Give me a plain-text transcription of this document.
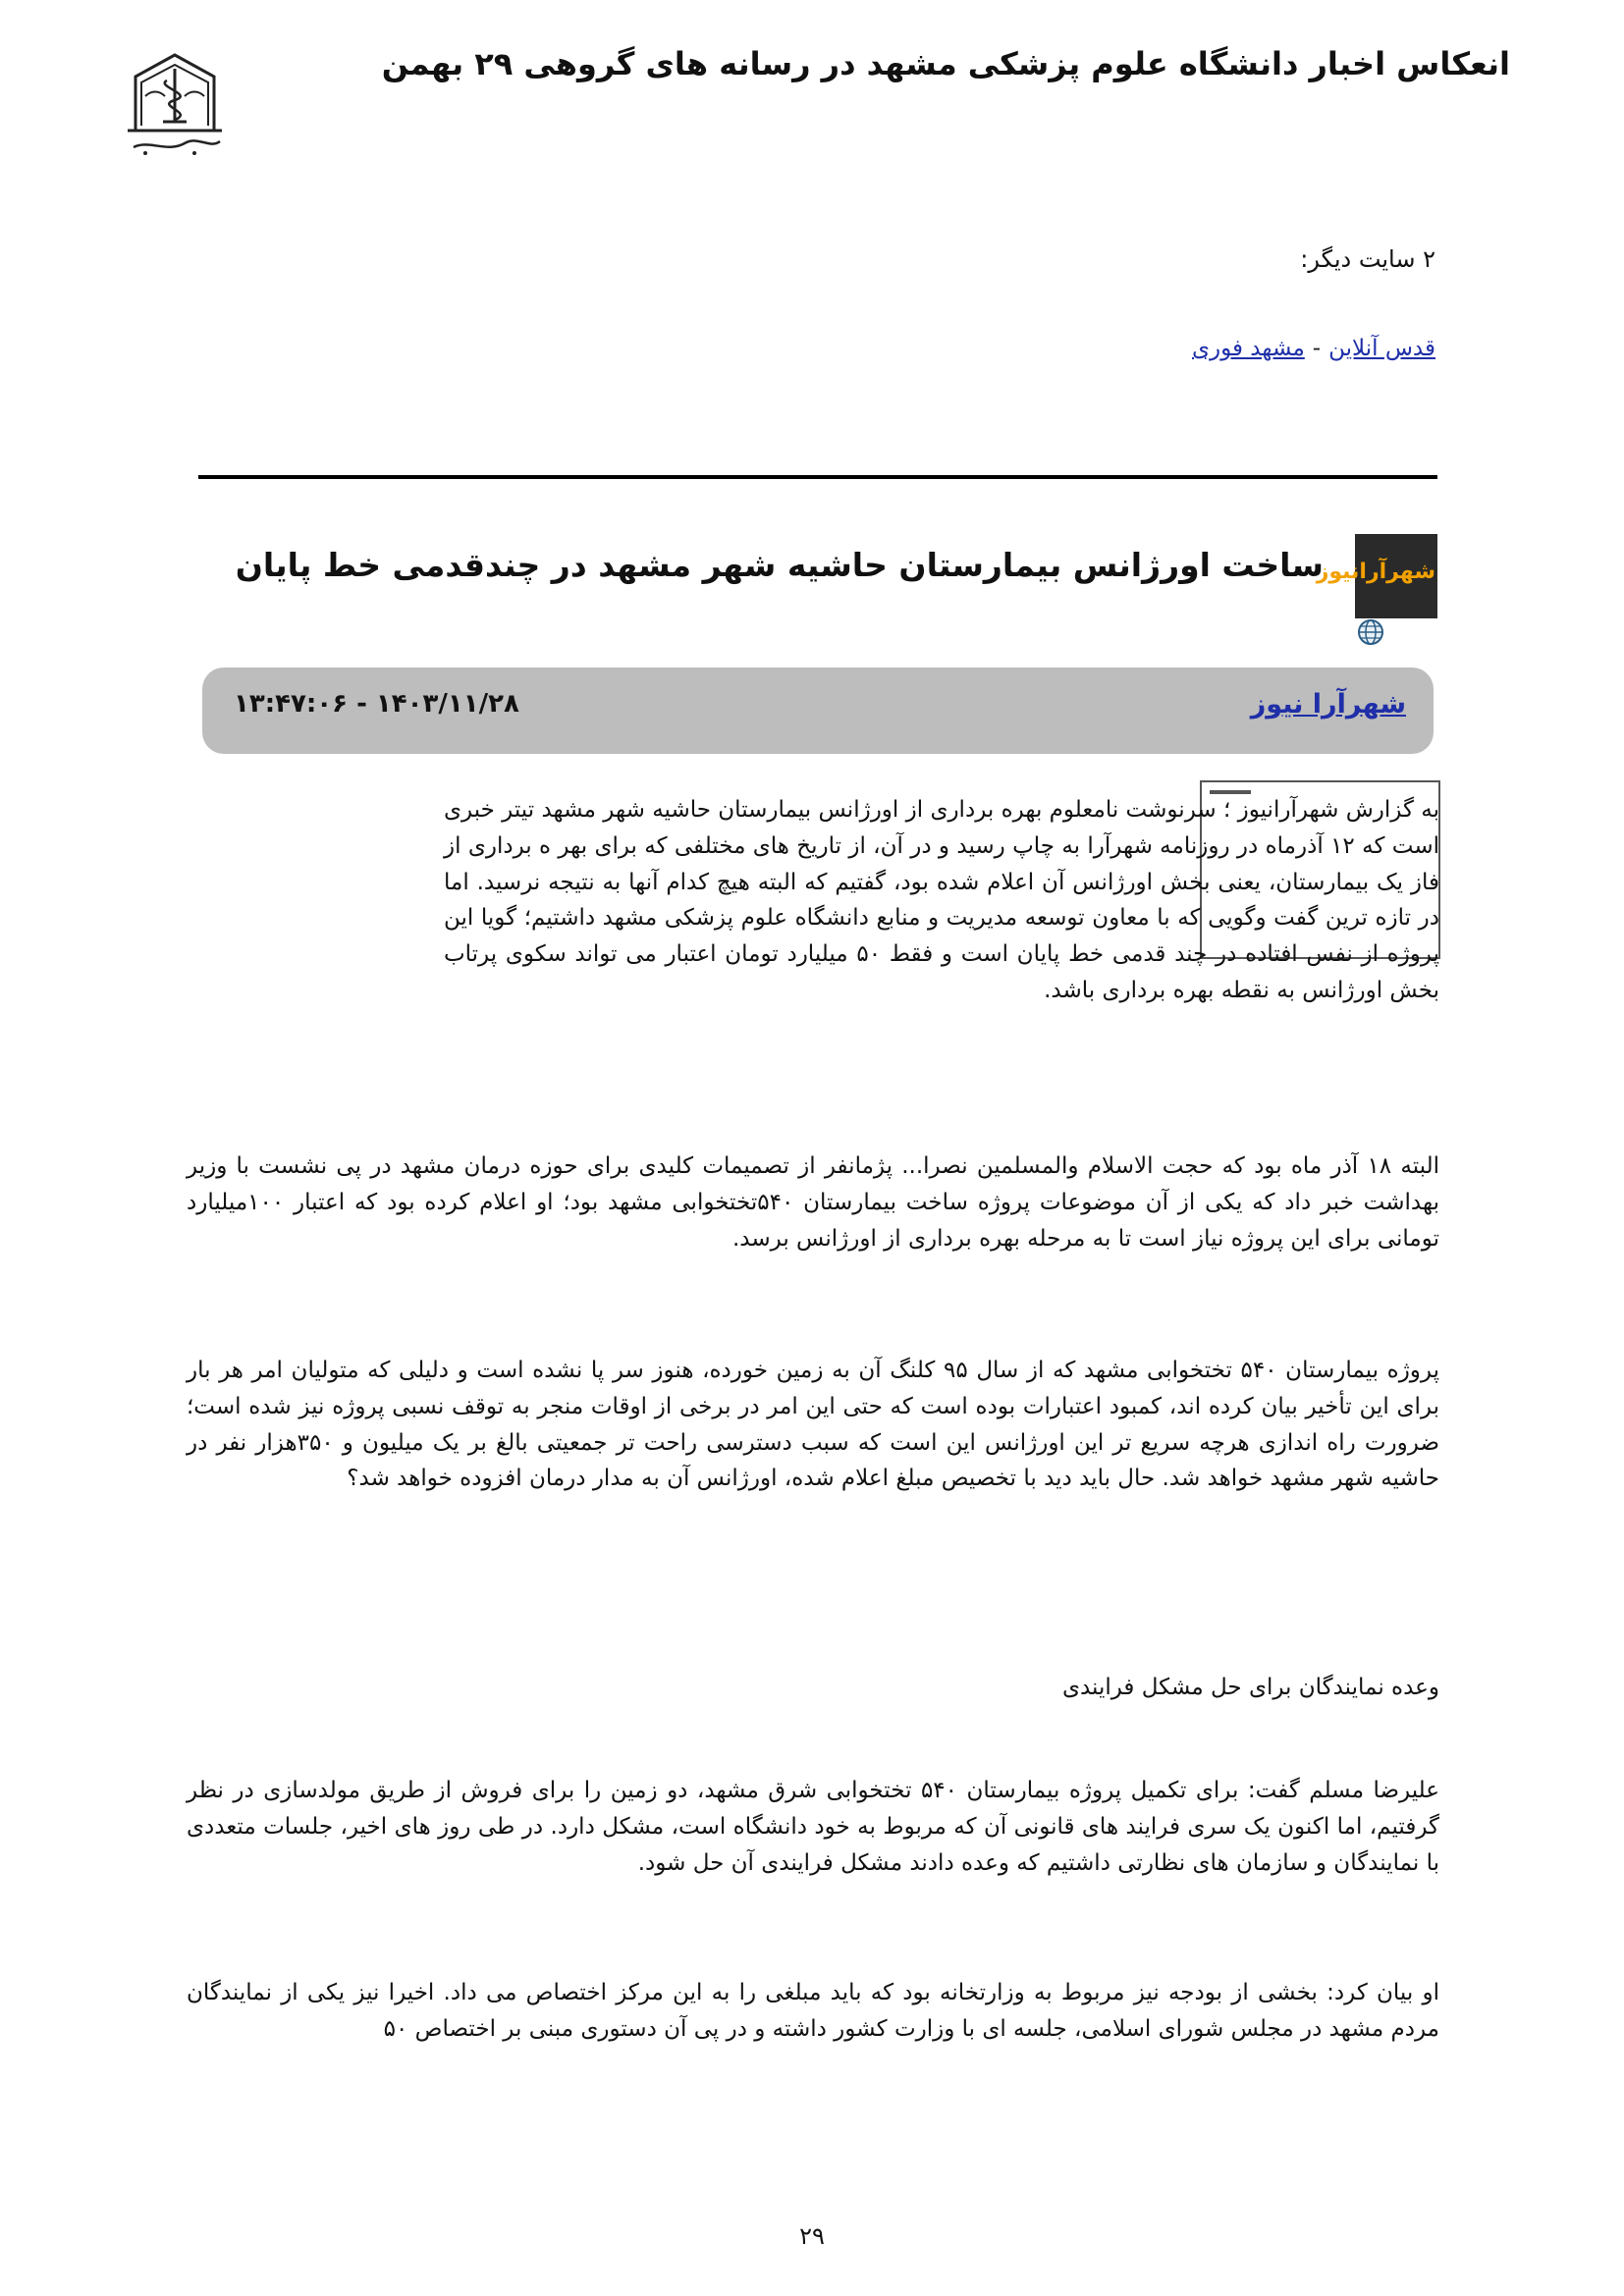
انعکاس اخبار دانشگاه علوم پزشکی مشهد در رسانه های گروهی ۲۹ بهمن
۲ سایت دیگر:
قدس آنلاین-مشهد فوری
شهرآرانیوز
ساخت اورژانس بیمارستان حاشیه شهر مشهد در چندقدمی خط پایان
شهرآرا نیوز
۱۴۰۳/۱۱/۲۸ - ۱۳:۴۷:۰۶
به گزارش شهرآرانیوز ؛ سرنوشت نامعلوم بهره برداری از اورژانس بیمارستان حاشیه شهر مشهد تیتر خبری است که ۱۲ آذرماه در روزنامه شهرآرا به چاپ رسید و در آن، از تاریخ های مختلفی که برای بهر ه برداری از فاز یک بیمارستان، یعنی بخش اورژانس آن اعلام شده بود، گفتیم که البته هیچ کدام آنها به نتیجه نرسید. اما در تازه ترین گفت وگویی که با معاون توسعه مدیریت و منابع دانشگاه علوم پزشکی مشهد داشتیم؛ گویا این پروژه از نفس افتاده در چند قدمی خط پایان است و فقط ۵۰ میلیارد تومان اعتبار می تواند سکوی پرتاب بخش اورژانس به نقطه بهره برداری باشد.
البته ۱۸ آذر ماه بود که حجت الاسلام والمسلمین نصرا... پژمانفر از تصمیمات کلیدی برای حوزه درمان مشهد در پی نشست با وزیر بهداشت خبر داد که یکی از آن موضوعات پروژه ساخت بیمارستان ۵۴۰تختخوابی مشهد بود؛ او اعلام کرده بود که اعتبار ۱۰۰میلیارد تومانی برای این پروژه نیاز است تا به مرحله بهره برداری از اورژانس برسد.
پروژه بیمارستان ۵۴۰ تختخوابی مشهد که از سال ۹۵ کلنگ آن به زمین خورده، هنوز سر پا نشده است و دلیلی که متولیان امر هر بار برای این تأخیر بیان کرده اند، کمبود اعتبارات بوده است که حتی این امر در برخی از اوقات منجر به توقف نسبی پروژه نیز شده است؛ ضرورت راه اندازی هرچه سریع تر این اورژانس این است که سبب دسترسی راحت تر جمعیتی بالغ بر یک میلیون و ۳۵۰هزار نفر در حاشیه شهر مشهد خواهد شد. حال باید دید با تخصیص مبلغ اعلام شده، اورژانس آن به مدار درمان افزوده خواهد شد؟
وعده نمایندگان برای حل مشکل فرایندی
علیرضا مسلم گفت: برای تکمیل پروژه بیمارستان ۵۴۰ تختخوابی شرق مشهد، دو زمین را برای فروش از طریق مولدسازی در نظر گرفتیم، اما اکنون یک سری فرایند های قانونی آن که مربوط به خود دانشگاه است، مشکل دارد. در طی روز های اخیر، جلسات متعددی با نمایندگان و سازمان های نظارتی داشتیم که وعده دادند مشکل فرایندی آن حل شود.
او بیان کرد: بخشی از بودجه نیز مربوط به وزارتخانه بود که باید مبلغی را به این مرکز اختصاص می داد. اخیرا نیز یکی از نمایندگان مردم مشهد در مجلس شورای اسلامی، جلسه ای با وزارت کشور داشته و در پی آن دستوری مبنی بر اختصاص ۵۰
۲۹
